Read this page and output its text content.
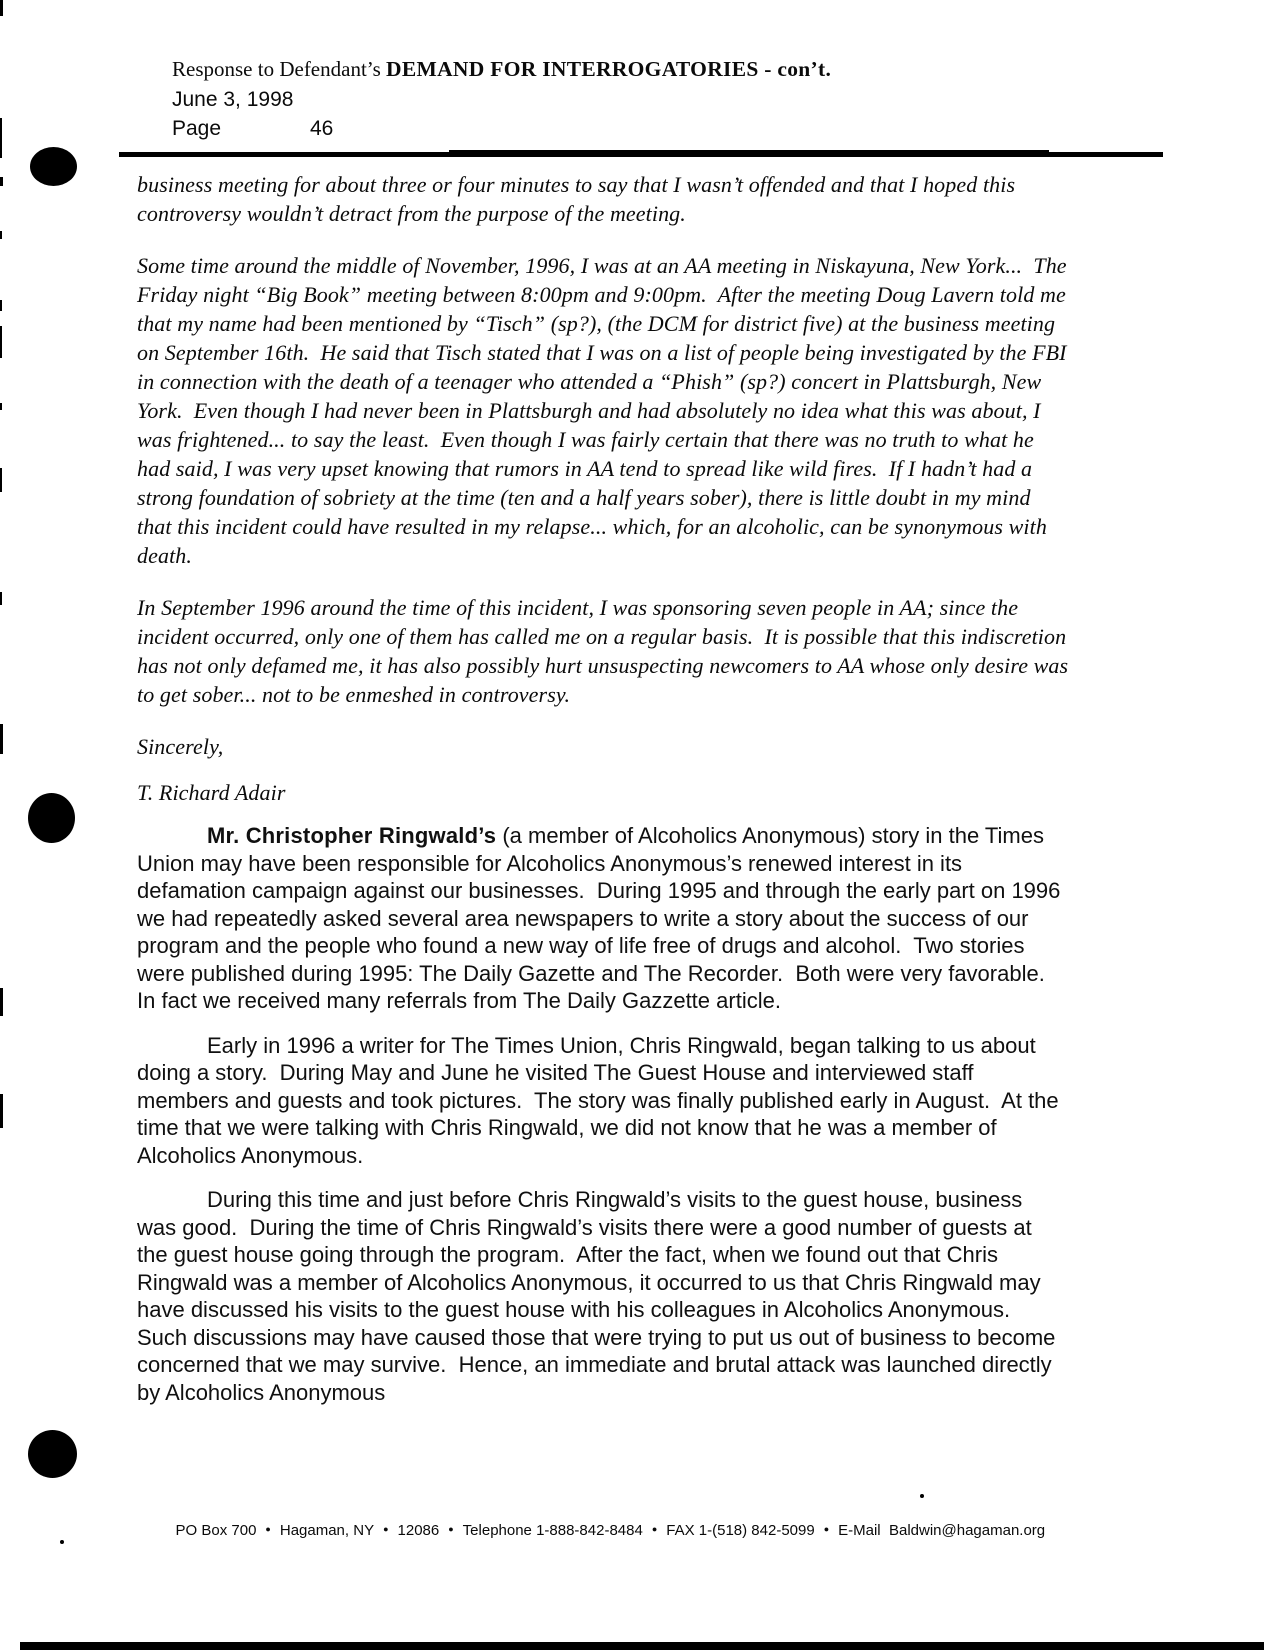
Response to Defendant’s DEMAND FOR INTERROGATORIES - con’t.
June 3, 1998
Page	46

business meeting for about three or four minutes to say that I wasn’t offended and that I hoped this controversy wouldn’t detract from the purpose of the meeting.

Some time around the middle of November, 1996, I was at an AA meeting in Niskayuna, New York...  The Friday night “Big Book” meeting between 8:00pm and 9:00pm.  After the meeting Doug Lavern told me that my name had been mentioned by “Tisch” (sp?), (the DCM for district five) at the business meeting on September 16th.  He said that Tisch stated that I was on a list of people being investigated by the FBI in connection with the death of a teenager who attended a “Phish” (sp?) concert in Plattsburgh, New York.  Even though I had never been in Plattsburgh and had absolutely no idea what this was about, I was frightened... to say the least.  Even though I was fairly certain that there was no truth to what he had said, I was very upset knowing that rumors in AA tend to spread like wild fires.  If I hadn’t had a strong foundation of sobriety at the time (ten and a half years sober), there is little doubt in my mind that this incident could have resulted in my relapse... which, for an alcoholic, can be synonymous with death.

In September 1996 around the time of this incident, I was sponsoring seven people in AA; since the incident occurred, only one of them has called me on a regular basis.  It is possible that this indiscretion has not only defamed me, it has also possibly hurt unsuspecting newcomers to AA whose only desire was to get sober... not to be enmeshed in controversy.

Sincerely,

T. Richard Adair

Mr. Christopher Ringwald’s (a member of Alcoholics Anonymous) story in the Times Union may have been responsible for Alcoholics Anonymous’s renewed interest in its defamation campaign against our businesses.  During 1995 and through the early part on 1996 we had repeatedly asked several area newspapers to write a story about the success of our program and the people who found a new way of life free of drugs and alcohol.  Two stories were published during 1995: The Daily Gazette and The Recorder.  Both were very favorable.  In fact we received many referrals from The Daily Gazzette article.

Early in 1996 a writer for The Times Union, Chris Ringwald, began talking to us about doing a story.  During May and June he visited The Guest House and interviewed staff members and guests and took pictures.  The story was finally published early in August.  At the time that we were talking with Chris Ringwald, we did not know that he was a member of Alcoholics Anonymous.

During this time and just before Chris Ringwald’s visits to the guest house, business was good.  During the time of Chris Ringwald’s visits there were a good number of guests at the guest house going through the program.  After the fact, when we found out that Chris Ringwald was a member of Alcoholics Anonymous, it occurred to us that Chris Ringwald may have discussed his visits to the guest house with his colleagues in Alcoholics Anonymous.  Such discussions may have caused those that were trying to put us out of business to become concerned that we may survive.  Hence, an immediate and brutal attack was launched directly by Alcoholics Anonymous

PO Box 700 ● Hagaman, NY ● 12086 ● Telephone 1-888-842-8484 ● FAX 1-(518) 842-5099 ● E-Mail  Baldwin@hagaman.org
